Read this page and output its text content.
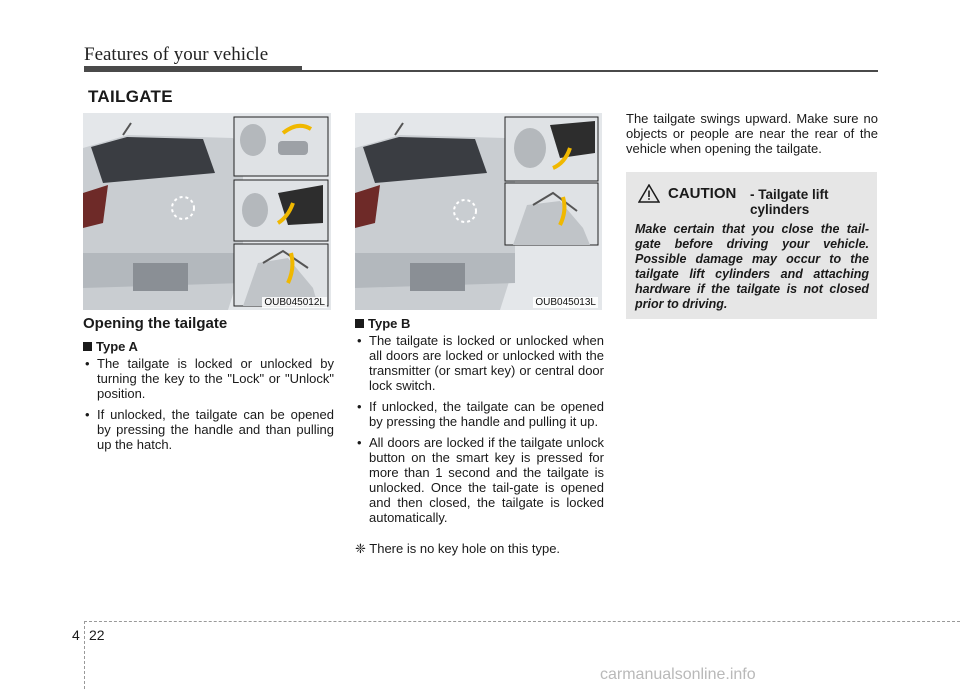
Features of your vehicle
TAILGATE
OUB045012L	OUB045013L
Opening the tailgate
Type A
• The tailgate is locked or unlocked by turning the key to the "Lock" or "Unlock" position.
• If unlocked, the tailgate can be opened by pressing the handle and than pulling up the hatch.
Type B
• The tailgate is locked or unlocked when all doors are locked or unlocked with the transmitter (or smart key) or central door lock switch.
• If unlocked, the tailgate can be opened by pressing the handle and pulling it up.
• All doors are locked if the tailgate unlock button on the smart key is pressed for more than 1 second and the tailgate is unlocked. Once the tail-gate is opened and then closed, the tailgate is locked automatically.
❈ There is no key hole on this type.

The tailgate swings upward. Make sure no objects or people are near the rear of the vehicle when opening the tailgate.

CAUTION - Tailgate lift cylinders
Make certain that you close the tail-gate before driving your vehicle. Possible damage may occur to the tailgate lift cylinders and attaching hardware if the tailgate is not closed prior to driving.
4 22
carmanualsonline.info
